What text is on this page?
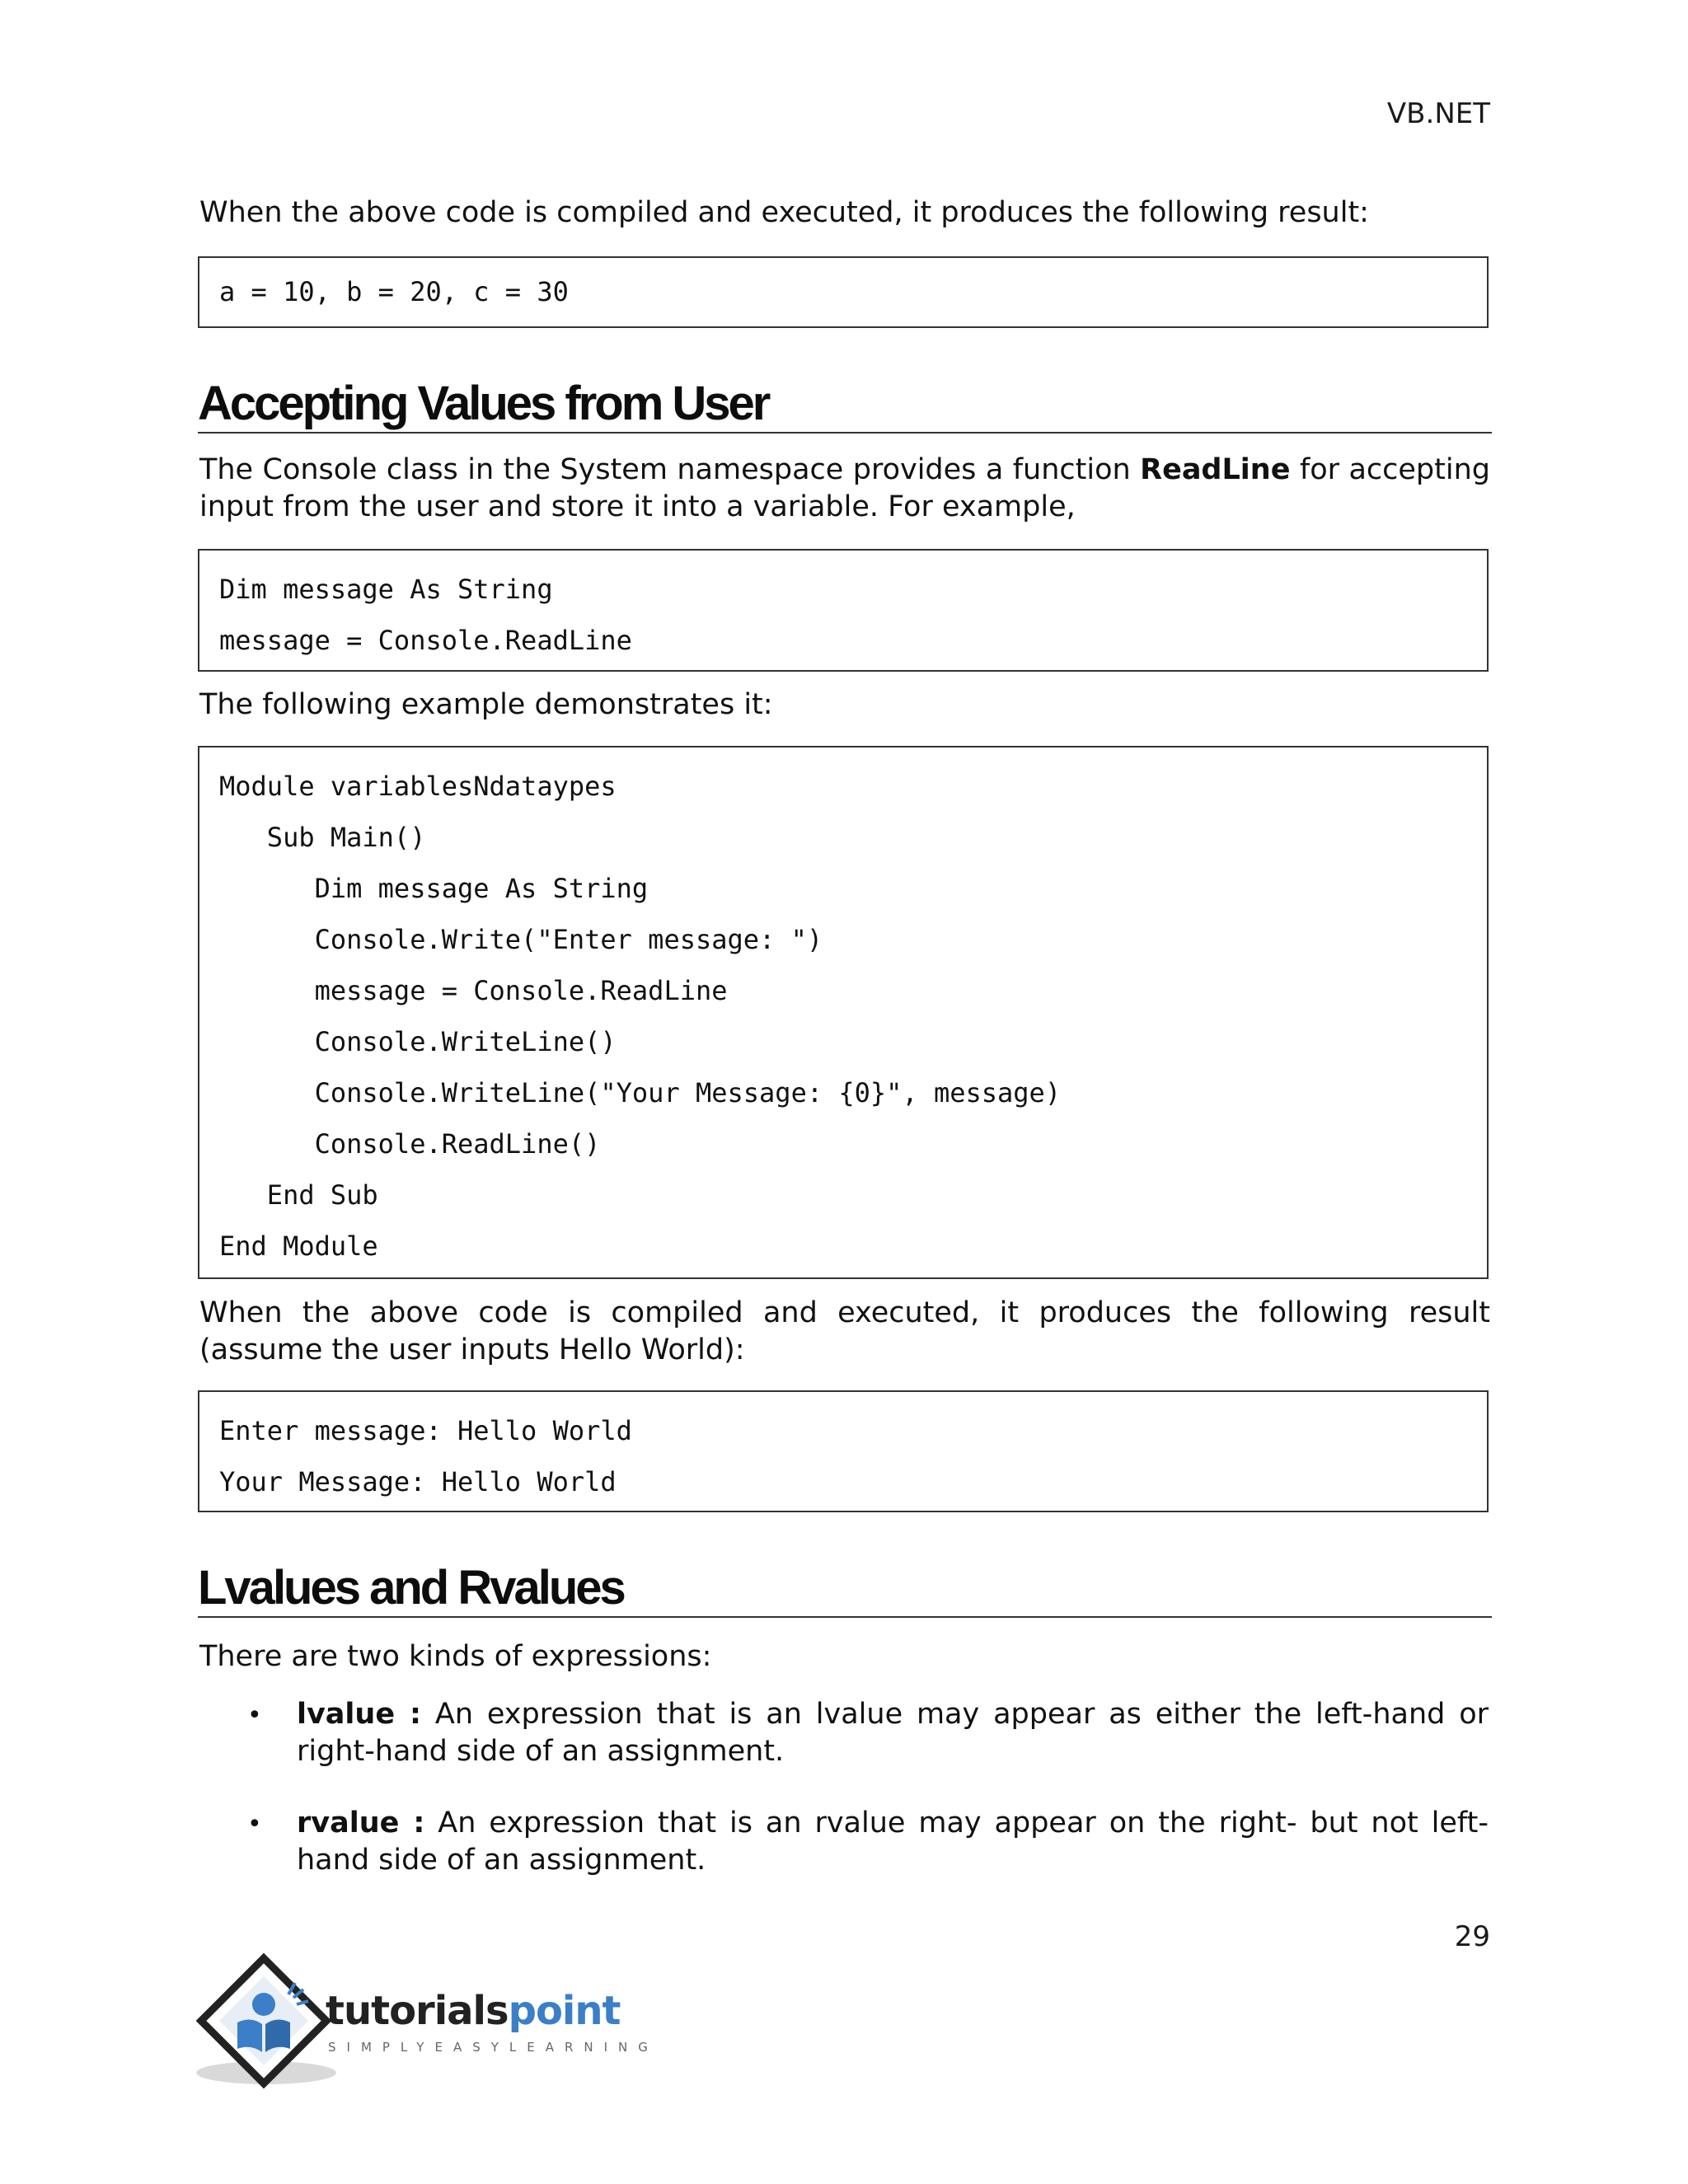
VB.NET

When the above code is compiled and executed, it produces the following result:

a = 10, b = 20, c = 30
Accepting Values from User

The Console class in the System namespace provides a function ReadLine for accepting input from the user and store it into a variable. For example,

Dim message As String
message = Console.ReadLine

The following example demonstrates it:

Module variablesNdataypes
Sub Main()
Dim message As String
Console.Write("Enter message: ")
message = Console.ReadLine
Console.WriteLine()
Console.WriteLine("Your Message: {0}", message)
Console.ReadLine()
End Sub
End Module

When the above code is compiled and executed, it produces the following result (assume the user inputs Hello World):

Enter message: Hello World
Your Message: Hello World
Lvalues and Rvalues

There are two kinds of expressions:

• lvalue : An expression that is an lvalue may appear as either the left-hand or right-hand side of an assignment.

• rvalue : An expression that is an rvalue may appear on the right- but not left-hand side of an assignment.

29
tutorialspoint
SIMPLYEASYLEARNING
